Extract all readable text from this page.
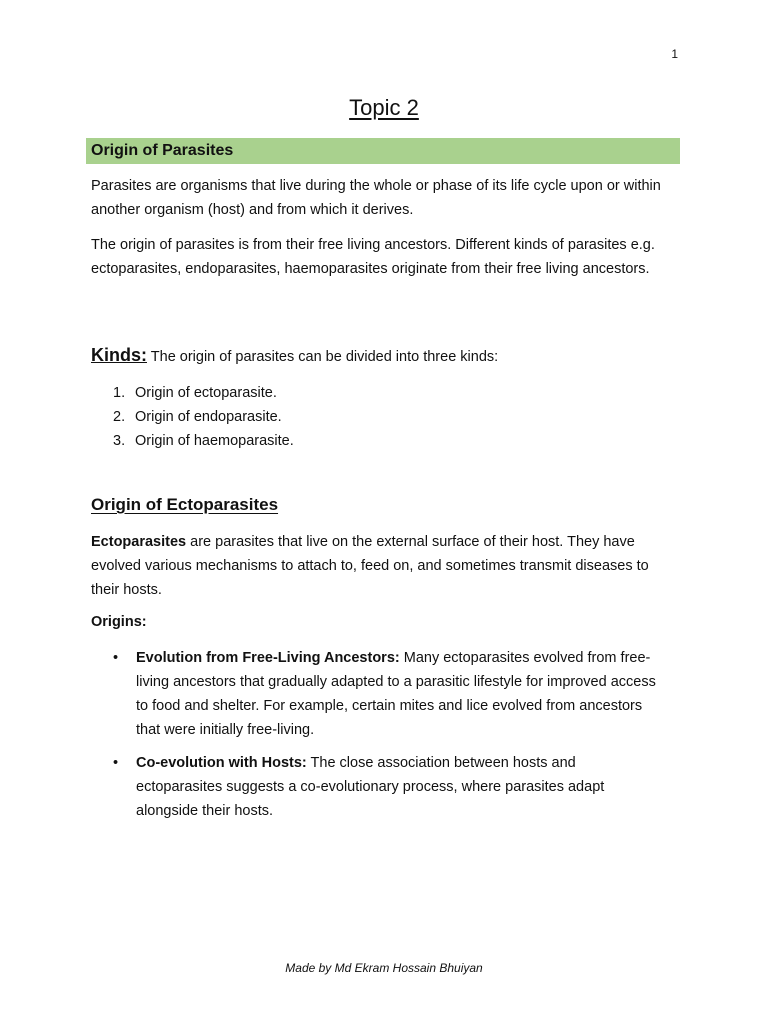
1
Topic 2
Origin of Parasites

Parasites are organisms that live during the whole or phase of its life cycle upon or within another organism (host) and from which it derives.

The origin of parasites is from their free living ancestors. Different kinds of parasites e.g. ectoparasites, endoparasites, haemoparasites originate from their free living ancestors.

Kinds: The origin of parasites can be divided into three kinds:
1. Origin of ectoparasite.
2. Origin of endoparasite.
3. Origin of haemoparasite.
Origin of Ectoparasites

Ectoparasites are parasites that live on the external surface of their host. They have evolved various mechanisms to attach to, feed on, and sometimes transmit diseases to their hosts.

Origins:
•	Evolution from Free-Living Ancestors: Many ectoparasites evolved from free-living ancestors that gradually adapted to a parasitic lifestyle for improved access to food and shelter. For example, certain mites and lice evolved from ancestors that were initially free-living.
•	Co-evolution with Hosts: The close association between hosts and ectoparasites suggests a co-evolutionary process, where parasites adapt alongside their hosts.
Made by Md Ekram Hossain Bhuiyan
